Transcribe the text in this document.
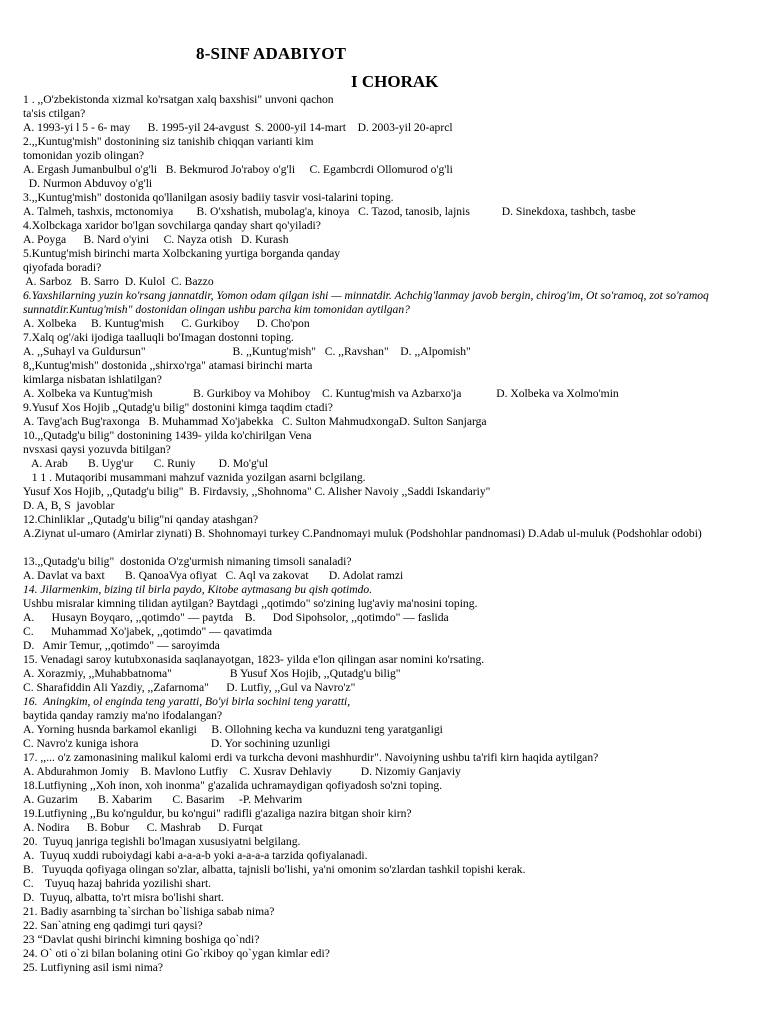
8-SINF ADABIYOT
I CHORAK
1 . ,,O'zbekistonda xizmal ko'rsatgan xalq baxshisi" unvoni qachon
ta'sis ctilgan?
A. 1993-yi l 5 - 6- may      B. 1995-yil 24-avgust  S. 2000-yil 14-mart    D. 2003-yil 20-aprcl
2.,,Kuntug'mish" dostonining siz tanishib chiqqan varianti kim
tomonidan yozib olingan?
A. Ergash Jumanbulbul o'g'li   B. Bekmurod Jo'raboy o'g'li     C. Egambcrdi Ollomurod o'g'li
D. Nurmon Abduvoy o'g'li
3.,,Kuntug'mish" dostonida qo'llanilgan asosiy badiiy tasvir vosi-talarini toping.
A. Talmeh, tashxis, mctonomiya        B. O'xshatish, mubolag'a, kinoya   C. Tazod, tanosib, lajnis           D. Sinekdoxa, tashbch, tasbe
4.Xolbckaga xaridor bo'lgan sovchilarga qanday shart qo'yiladi?
A. Poyga      B. Nard o'yini     C. Nayza otish   D. Kurash
5.Kuntug'mish birinchi marta Xolbckaning yurtiga borganda qanday
qiyofada boradi?
A. Sarboz   B. Sarro  D. Kulol  C. Bazzo
6.Yaxshilarning yuzin ko'rsang jannatdir, Yomon odam qilgan ishi — minnatdir. Achchig'lanmay javob bergin, chirog'im, Ot so'ramoq, zot so'ramoq sunnatdir.Kuntug'mish" dostonidan olingan ushbu parcha kim tomonidan aytilgan?
A. Xolbeka     B. Kuntug'mish      C. Gurkiboy      D. Cho'pon
7.Xalq og'/aki ijodiga taalluqli bo'Imagan dostonni toping.
A. ,,Suhayl va Guldursun"                              B. ,,Kuntug'mish"   C. ,,Ravshan"    D. ,,Alpomish"
8,,Kuntug'mish" dostonida ,,shirxo'rga" atamasi birinchi marta
kimlarga nisbatan ishlatilgan?
A. Xolbeka va Kuntug'mish              B. Gurkiboy va Mohiboy    C. Kuntug'mish va Azbarxo'ja            D. Xolbeka va Xolmo'min
9.Yusuf Xos Hojib ,,Qutadg'u bilig" dostonini kimga taqdim ctadi?
A. Tavg'ach Bug'raxonga   B. Muhammad Xo'jabekka   C. Sulton MahmudxongaD. Sulton Sanjarga
10.,,Qutadg'u bilig" dostonining 1439- yilda ko'chirilgan Vena
nvsxasi qaysi yozuvda bitilgan?
A. Arab       B. Uyg'ur       C. Runiy        D. Mo'g'ul
1 1 . Mutaqoribi musammani mahzuf vaznida yozilgan asarni bclgilang.
Yusuf Xos Hojib, ,,Qutadg'u bilig"  B. Firdavsiy, ,,Shohnoma" C. Alisher Navoiy ,,Saddi Iskandariy"
D. A, B, S  javoblar
12.Chinliklar ,,Qutadg'u bilig"ni qanday atashgan?
A.Ziynat ul-umaro (Amirlar ziynati) B. Shohnomayi turkey C.Pandnomayi muluk (Podshohlar pandnomasi) D.Adab ul-muluk (Podshohlar odobi)
13.,,Qutadg'u bilig"  dostonida O'zg'urmish nimaning timsoli sanaladi?
A. Davlat va baxt       B. QanoaVya ofiyat   C. Aql va zakovat       D. Adolat ramzi
14. Jilarmenkim, bizing til birla paydo, Kitobe aytmasang bu qish qotimdo.
Ushbu misralar kimning tilidan aytilgan? Baytdagi ,,qotimdo" so'zining lug'aviy ma'nosini toping.
A.      Husayn Boyqaro, ,,qotimdo" — paytda    B.      Dod Sipohsolor, ,,qotimdo" — faslida
C.      Muhammad Xo'jabek, ,,qotimdo" — qavatimda
D.   Amir Temur, ,,qotimdo" — saroyimda
15. Venadagi saroy kutubxonasida saqlanayotgan, 1823- yilda e'lon qilingan asar nomini ko'rsating.
A. Xorazmiy, ,,Muhabbatnoma"                    B Yusuf Xos Hojib, ,,Qutadg'u bilig"
C. Sharafiddin Ali Yazdiy, ,,Zafarnoma"      D. Lutfiy, ,,Gul va Navro'z"
16.  Aningkim, ol enginda teng yaratti, Bo'yi birla sochini teng yaratti,
baytida qanday ramziy ma'no ifodalangan?
A. Yorning husnda barkamol ekanligi     B. Ollohning kecha va kunduzni teng yaratganligi
C. Navro'z kuniga ishora                         D. Yor sochining uzunligi
17. ,,... o'z zamonasining malikul kalomi erdi va turkcha devoni mashhurdir". Navoiyning ushbu ta'rifi kirn haqida aytilgan?
A. Abdurahmon Jomiy    B. Mavlono Lutfiy    C. Xusrav Dehlaviy          D. Nizomiy Ganjaviy
18.Lutfiyning ,,Xoh inon, xoh inonma" g'azalida uchramaydigan qofiyadosh so'zni toping.
A. Guzarim       B. Xabarim       C. Basarim     -P. Mehvarim
19.Lutfiyning ,,Bu ko'nguldur, bu ko'ngui" radifli g'azaliga nazira bitgan shoir kirn?
A. Nodira      B. Bobur      C. Mashrab      D. Furqat
20.  Tuyuq janriga tegishli bo'lmagan xususiyatni belgilang.
A.  Tuyuq xuddi ruboiydagi kabi a-a-a-b yoki a-a-a-a tarzida qofiyalanadi.
B.   Tuyuqda qofiyaga olingan so'zlar, albatta, tajnisli bo'lishi, ya'ni omonim so'zlardan tashkil topishi kerak.
C.    Tuyuq hazaj bahrida yozilishi shart.
D.  Tuyuq, albatta, to'rt misra bo'lishi shart.
21. Badiy asarnbing ta`sirchan bo`lishiga sabab nima?
22. San`atning eng qadimgi turi qaysi?
23 “Davlat qushi birinchi kimning boshiga qo`ndi?
24. O` oti o`zi bilan bolaning otini Go`rkiboy qo`ygan kimlar edi?
25. Lutfiyning asil ismi nima?
